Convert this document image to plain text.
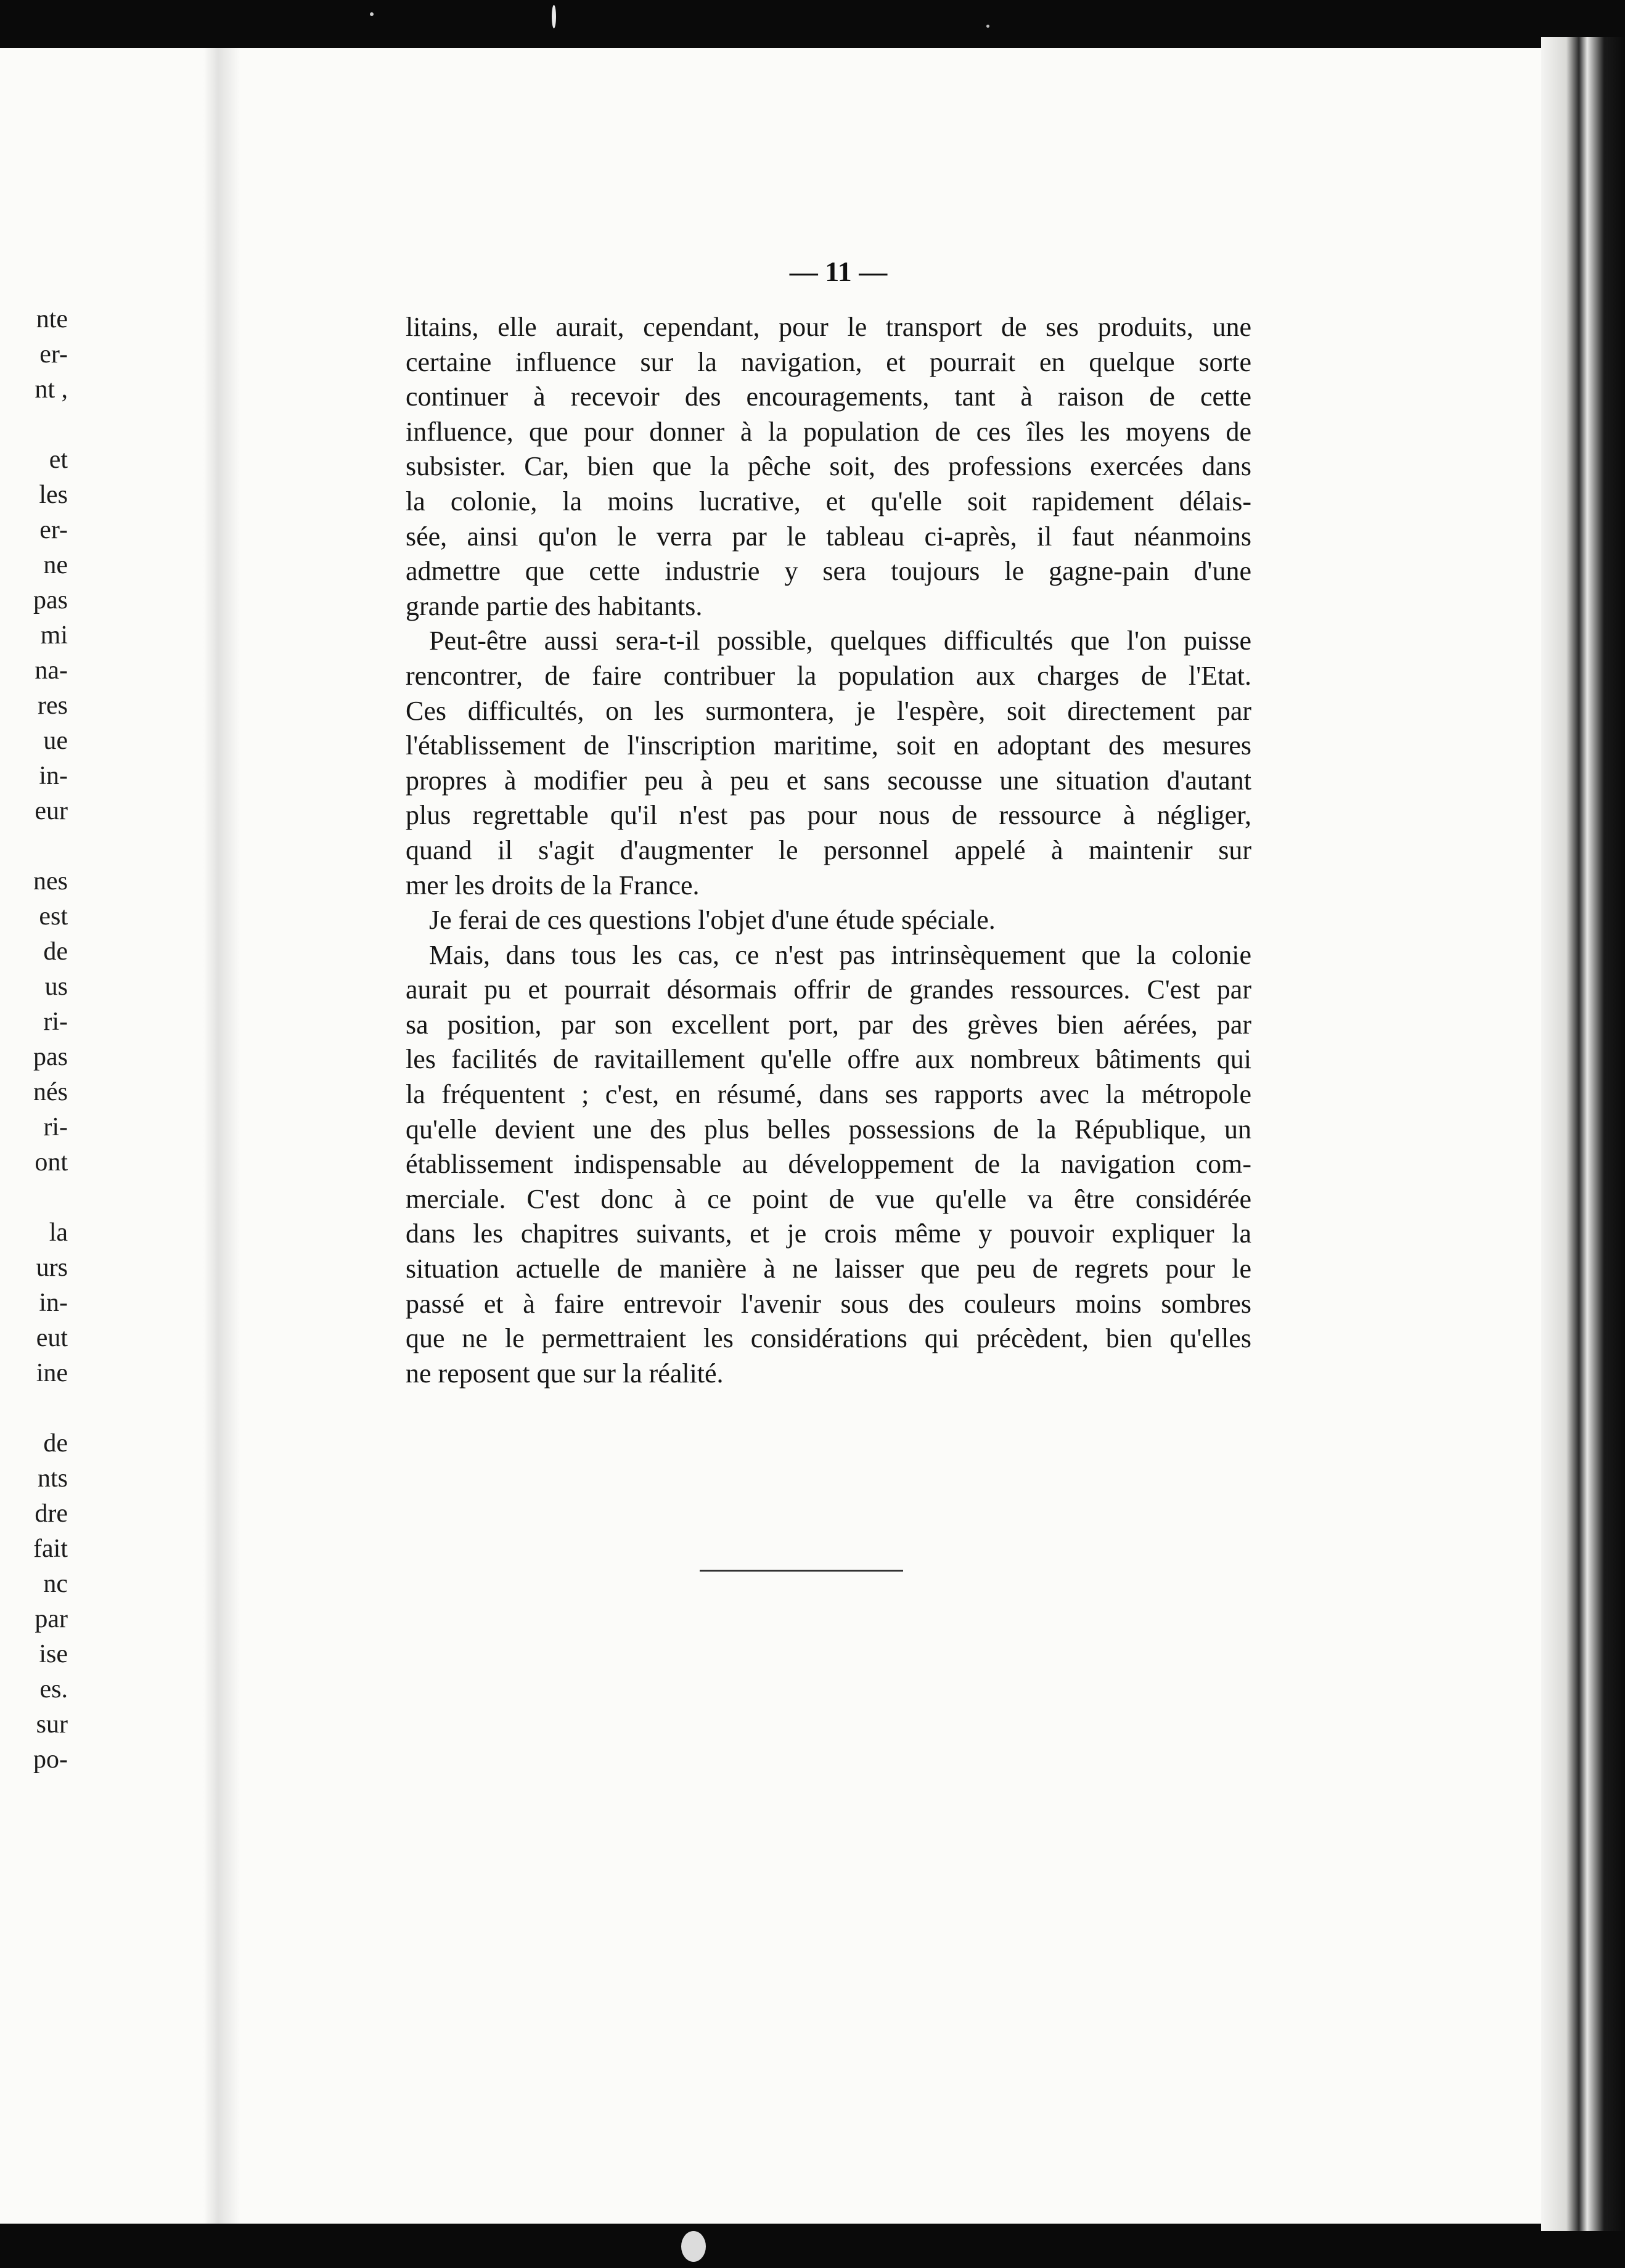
nte
er-
nt ,
et
les
er-
ne
pas
mi
na-
res
ue
in-
eur
nes
est
de
us
ri-
pas
nés
ri-
ont
la
urs
in-
eut
ine
de
nts
dre
fait
nc
par
ise
es.
sur
po-
— 11 —
litains, elle aurait, cependant, pour le transport de ses produits, une
certaine influence sur la navigation, et pourrait en quelque sorte
continuer à recevoir des encouragements, tant à raison de cette
influence, que pour donner à la population de ces îles les moyens de
subsister. Car, bien que la pêche soit, des professions exercées dans
la colonie, la moins lucrative, et qu'elle soit rapidement délais-
sée, ainsi qu'on le verra par le tableau ci-après, il faut néanmoins
admettre que cette industrie y sera toujours le gagne-pain d'une
grande partie des habitants.
Peut-être aussi sera-t-il possible, quelques difficultés que l'on puisse
rencontrer, de faire contribuer la population aux charges de l'Etat.
Ces difficultés, on les surmontera, je l'espère, soit directement par
l'établissement de l'inscription maritime, soit en adoptant des mesures
propres à modifier peu à peu et sans secousse une situation d'autant
plus regrettable qu'il n'est pas pour nous de ressource à négliger,
quand il s'agit d'augmenter le personnel appelé à maintenir sur
mer les droits de la France.
Je ferai de ces questions l'objet d'une étude spéciale.
Mais, dans tous les cas, ce n'est pas intrinsèquement que la colonie
aurait pu et pourrait désormais offrir de grandes ressources. C'est par
sa position, par son excellent port, par des grèves bien aérées, par
les facilités de ravitaillement qu'elle offre aux nombreux bâtiments qui
la fréquentent ; c'est, en résumé, dans ses rapports avec la métropole
qu'elle devient une des plus belles possessions de la République, un
établissement indispensable au développement de la navigation com-
merciale. C'est donc à ce point de vue qu'elle va être considérée
dans les chapitres suivants, et je crois même y pouvoir expliquer la
situation actuelle de manière à ne laisser que peu de regrets pour le
passé et à faire entrevoir l'avenir sous des couleurs moins sombres
que ne le permettraient les considérations qui précèdent, bien qu'elles
ne reposent que sur la réalité.
